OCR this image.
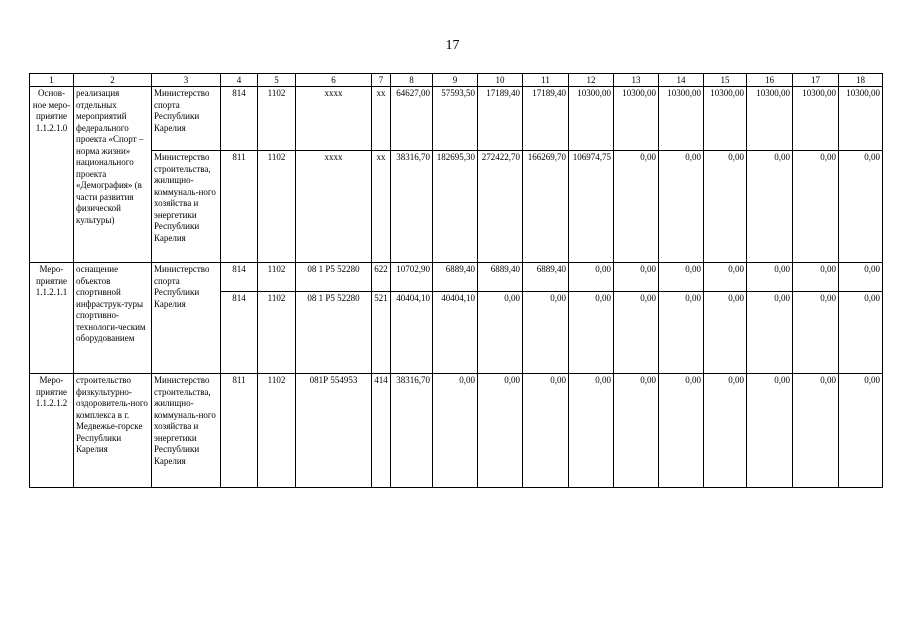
17
1	2	3	4	5	6	7	8	9	10	11	12	13	14	15	16	17	18
Основ-ное меро-приятие 1.1.2.1.0	реализация отдельных мероприятий федерального проекта «Спорт – норма жизни» национального проекта «Демография» (в части развития физической культуры)	Министерство спорта Республики Карелия	814	1102	хххх	хх	64627,00	57593,50	17189,40	17189,40	10300,00	10300,00	10300,00	10300,00	10300,00	10300,00	10300,00
		Министерство строительства, жилищно-коммуналь-ного хозяйства и энергетики Республики Карелия	811	1102	хххх	хх	38316,70	182695,30	272422,70	166269,70	106974,75	0,00	0,00	0,00	0,00	0,00	0,00
Меро-приятие 1.1.2.1.1	оснащение объектов спортивной инфраструк-туры спортивно-технологи-ческим оборудованием	Министерство спорта Республики Карелия	814	1102	08 1 P5 52280	622	10702,90	6889,40	6889,40	6889,40	0,00	0,00	0,00	0,00	0,00	0,00	0,00
			814	1102	08 1 P5 52280	521	40404,10	40404,10	0,00	0,00	0,00	0,00	0,00	0,00	0,00	0,00	0,00
Меро-приятие 1.1.2.1.2	строительство физкультурно-оздоровитель-ного комплекса в г. Медвежье-горске Республики Карелия	Министерство строительства, жилищно-коммуналь-ного хозяйства и энергетики Республики Карелия	811	1102	081Р 554953	414	38316,70	0,00	0,00	0,00	0,00	0,00	0,00	0,00	0,00	0,00	0,00
